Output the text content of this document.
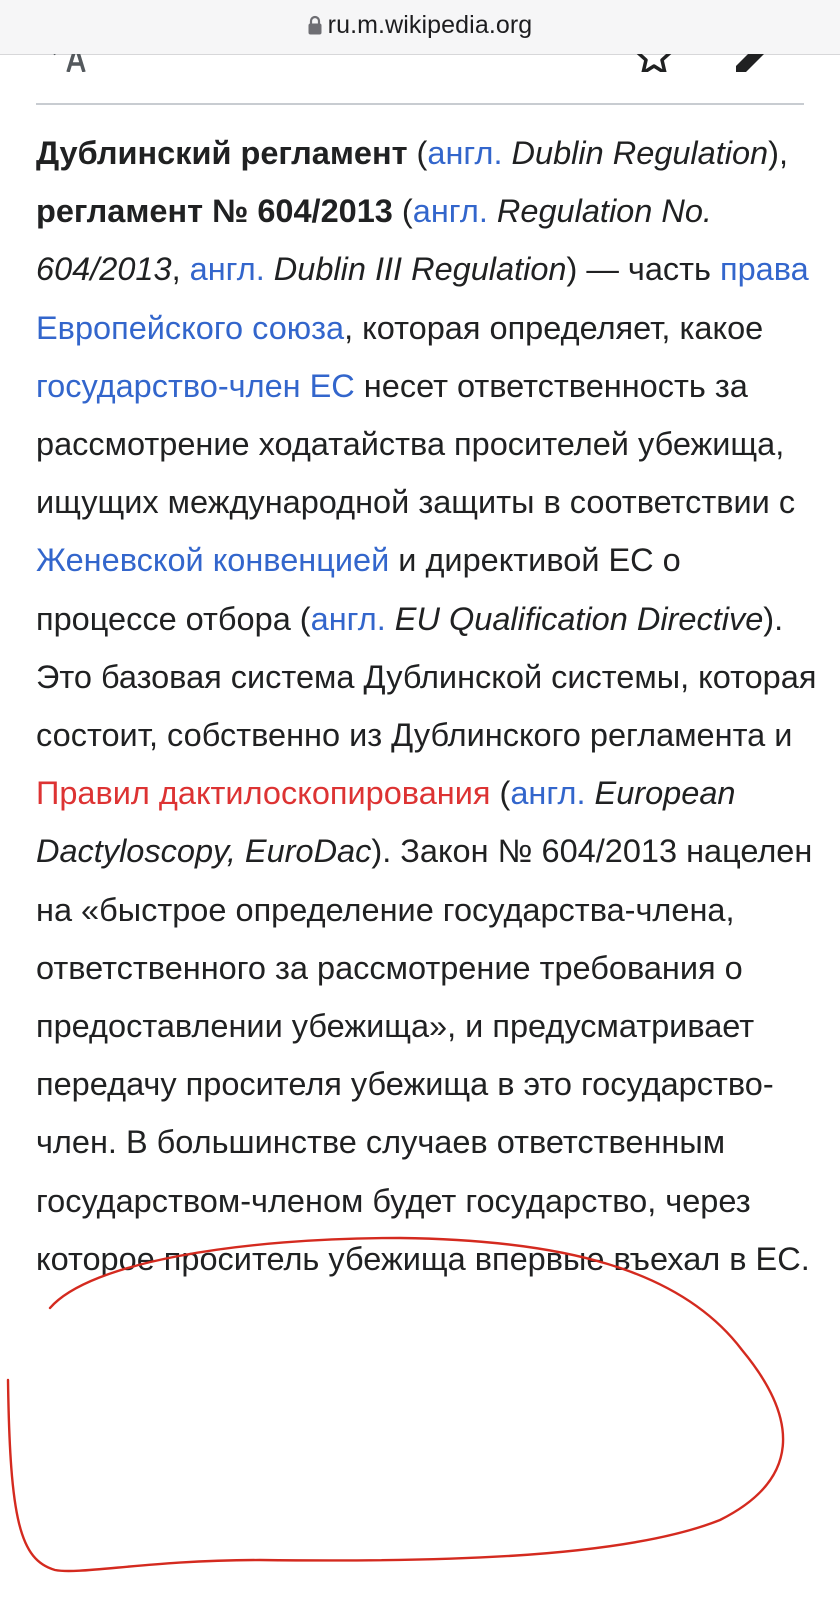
ru.m.wikipedia.org
Дублинский регламент (англ. Dublin Regulation), регламент № 604/2013 (англ. Regulation No. 604/2013, англ. Dublin III Regulation) — часть права Европейского союза, которая определяет, какое государство-член ЕС несет ответственность за рассмотрение ходатайства просителей убежища, ищущих международной защиты в соответствии с Женевской конвенцией и директивой ЕС о процессе отбора (англ. EU Qualification Directive). Это базовая система Дублинской системы, которая состоит, собственно из Дублинского регламента и Правил дактилоскопирования (англ. European Dactyloscopy, EuroDac). Закон № 604/2013 нацелен на «быстрое определение государства-члена, ответственного за рассмотрение требования о предоставлении убежища», и предусматривает передачу просителя убежища в это государство-член. В большинстве случаев ответственным государством-членом будет государство, через которое проситель убежища впервые въехал в ЕС.
